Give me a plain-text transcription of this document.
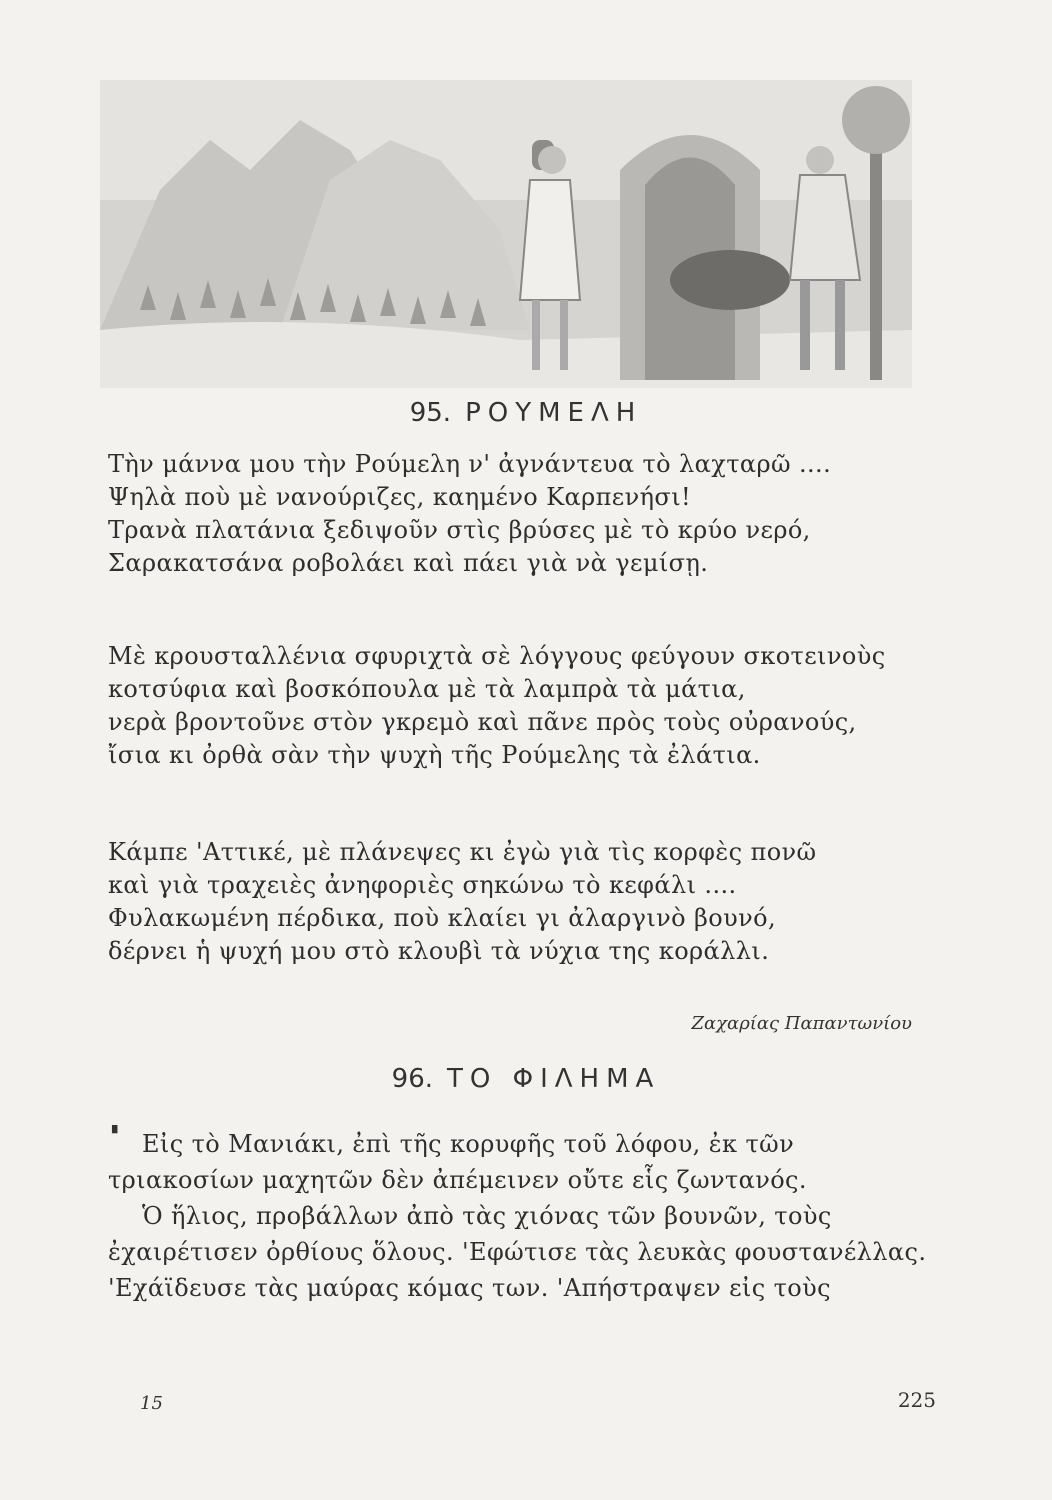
95. ΡΟΥΜΕΛΗ
Τὴν μάννα μου τὴν Ρούμελη ν' ἀγνάντευα τὸ λαχταρῶ ....
Ψηλὰ ποὺ μὲ νανούριζες, καημένο Καρπενήσι!
Τρανὰ πλατάνια ξεδιψοῦν στὶς βρύσες μὲ τὸ κρύο νερό,
Σαρακατσάνα ροβολάει καὶ πάει γιὰ νὰ γεμίσῃ.
Μὲ κρουσταλλένια σφυριχτὰ σὲ λόγγους φεύγουν σκοτεινοὺς
κοτσύφια καὶ βοσκόπουλα μὲ τὰ λαμπρὰ τὰ μάτια,
νερὰ βροντοῦνε στὸν γκρεμὸ καὶ πᾶνε πρὸς τοὺς οὐρανούς,
ἴσια κι ὀρθὰ σὰν τὴν ψυχὴ τῆς Ρούμελης τὰ ἐλάτια.
Κάμπε 'Αττικέ, μὲ πλάνεψες κι ἐγὼ γιὰ τὶς κορφὲς πονῶ
καὶ γιὰ τραχειὲς ἀνηφοριὲς σηκώνω τὸ κεφάλι ....
Φυλακωμένη πέρδικα, ποὺ κλαίει γι ἀλαργινὸ βουνό,
δέρνει ἡ ψυχή μου στὸ κλουβὶ τὰ νύχια της κοράλλι.
Ζαχαρίας Παπαντωνίου
96. ΤΟ ΦΙΛΗΜΑ
▘ Εἰς τὸ Μανιάκι, ἐπὶ τῆς κορυφῆς τοῦ λόφου, ἐκ τῶν
τριακοσίων μαχητῶν δὲν ἀπέμεινεν οὔτε εἷς ζωντανός.
Ὁ ἥλιος, προβάλλων ἀπὸ τὰς χιόνας τῶν βουνῶν, τοὺς
ἐχαιρέτισεν ὀρθίους ὅλους. 'Εφώτισε τὰς λευκὰς φουστανέλλας.
'Εχάϊδευσε τὰς μαύρας κόμας των. 'Απήστραψεν εἰς τοὺς
15	225
